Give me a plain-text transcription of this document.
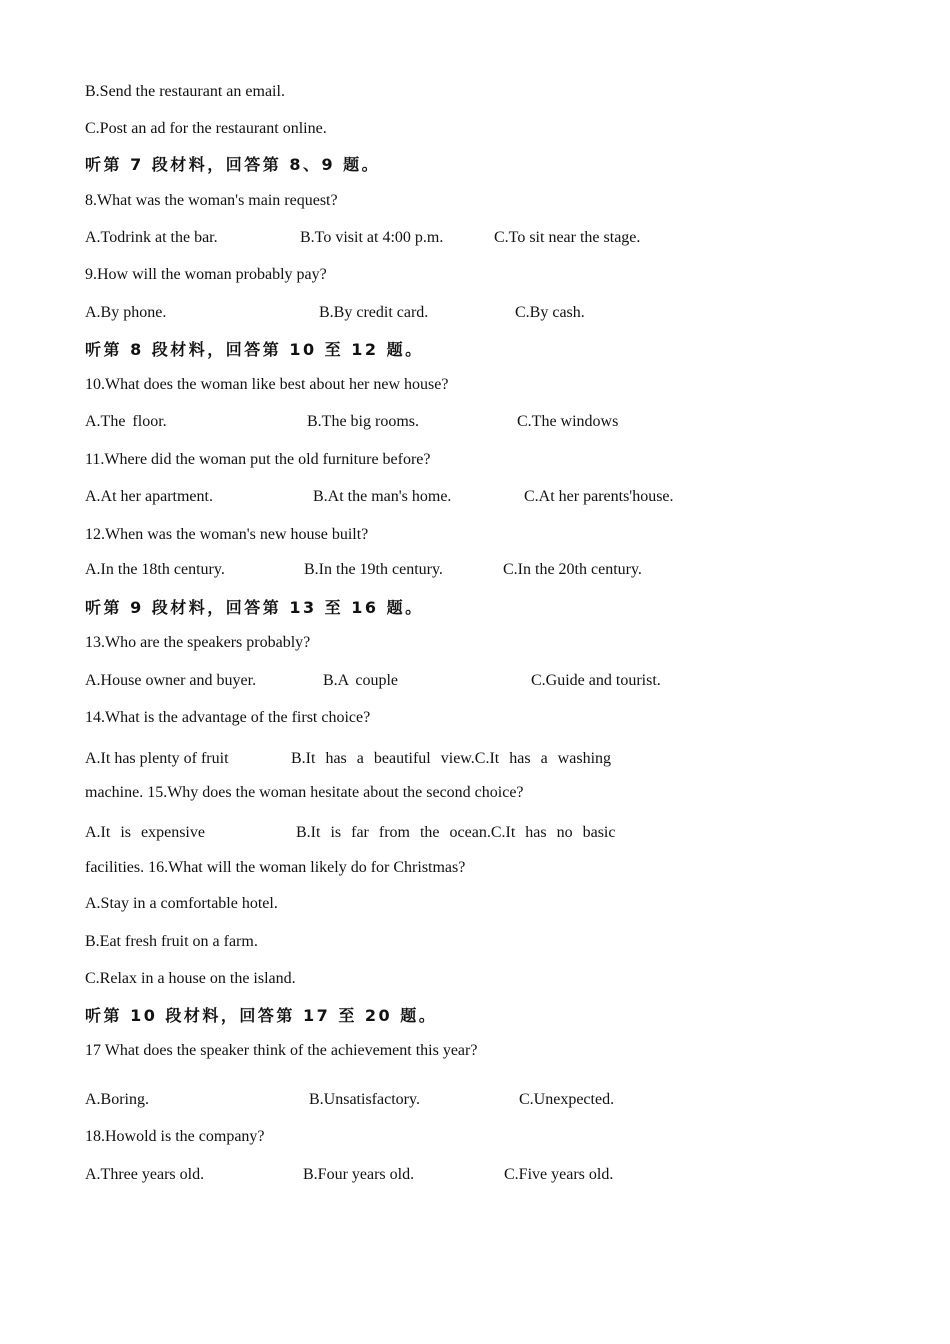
B.Send the restaurant an email.
C.Post an ad for the restaurant online.
听第 7 段材料，回答第 8、9 题。
8.What was the woman's main request?
A.Todrink at the bar.	B.To visit at 4:00 p.m.	C.To sit near the stage.
9.How will the woman probably pay?
A.By phone.	B.By credit card.	C.By cash.
听第 8 段材料，回答第 10 至 12 题。
10.What does the woman like best about her new house?
A.The floor.	B.The big rooms.	C.The windows
11.Where did the woman put the old furniture before?
A.At her apartment.	B.At the man's home.	C.At her parents'house.
12.When was the woman's new house built?
A.In the 18th century.	B.In the 19th century.	C.In the 20th century.
听第 9 段材料，回答第 13 至 16 题。
13.Who are the speakers probably?
A.House owner and buyer.	B.A couple	C.Guide and tourist.
14.What is the advantage of the first choice?
A.It has plenty of fruit	B.It has a beautiful view.C.It has a washing
machine. 15.Why does the woman hesitate about the second choice?
A.It is expensive	B.It is far from the ocean.C.It has no basic
facilities. 16.What will the woman likely do for Christmas?
A.Stay in a comfortable hotel.
B.Eat fresh fruit on a farm.
C.Relax in a house on the island.
听第 10 段材料，回答第 17 至 20 题。
17 What does the speaker think of the achievement this year?
A.Boring.	B.Unsatisfactory.	C.Unexpected.
18.Howold is the company?
A.Three years old.	B.Four years old.	C.Five years old.
